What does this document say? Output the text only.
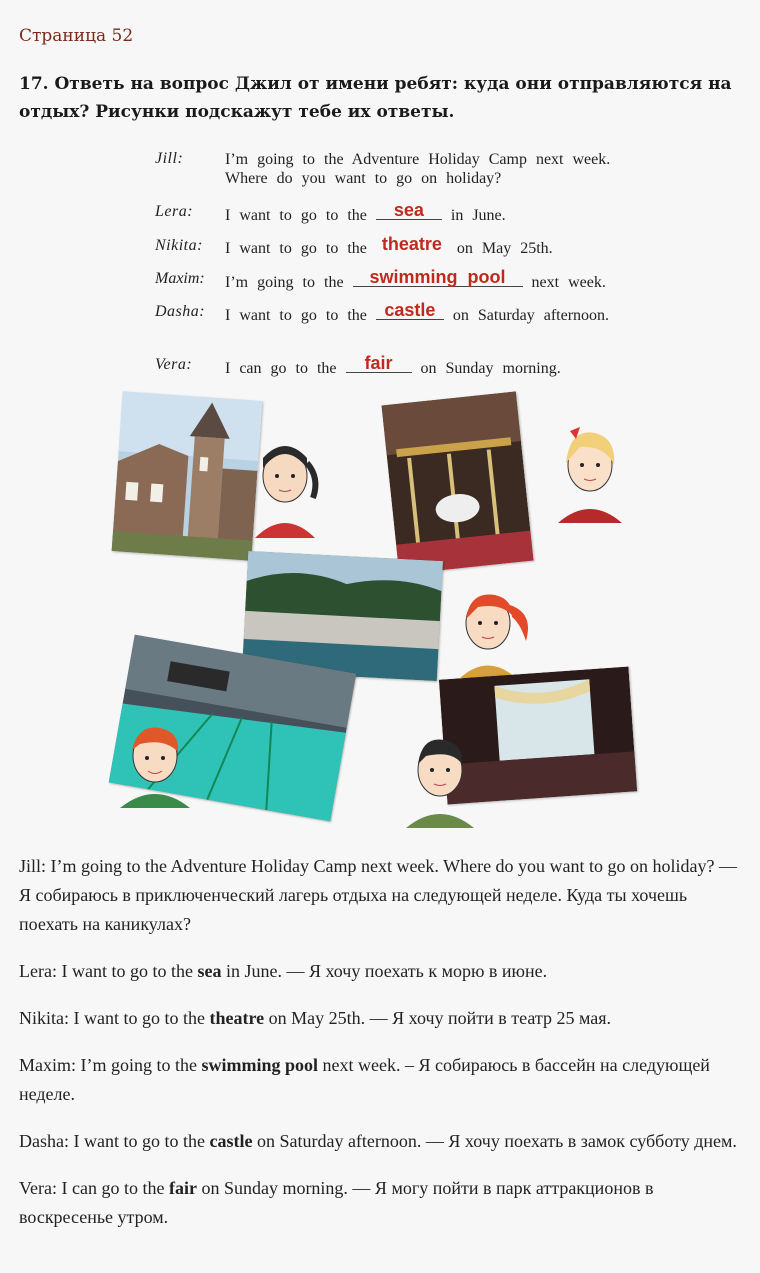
Страница 52
17. Ответь на вопрос Джил от имени ребят: куда они отправляются на отдых? Рисунки подскажут тебе их ответы.
Jill:	I’m going to the Adventure Holiday Camp next week. Where do you want to go on holiday?
Lera: I want to go to the	sea	in June.
Nikita: I want to go to the theatre on May 25th.
Maxim: I’m going to the	swimming pool	next week.
Dasha: I want to go to the castle	on Saturday afternoon.
Vera: I can go to the	fair	on Sunday morning.

Jill: I’m going to the Adventure Holiday Camp next week. Where do you want to go on holiday? — Я собираюсь в приключенческий лагерь отдыха на следующей неделе. Куда ты хочешь поехать на каникулах?

Lera: I want to go to the sea in June. — Я хочу поехать к морю в июне.

Nikita: I want to go to the theatre on May 25th. — Я хочу пойти в театр 25 мая.

Maxim: I’m going to the swimming pool next week. – Я собираюсь в бассейн на следующей неделе.

Dasha: I want to go to the castle on Saturday afternoon. — Я хочу поехать в замок субботу днем.

Vera: I can go to the fair on Sunday morning. — Я могу пойти в парк аттракционов в воскресенье утром.
